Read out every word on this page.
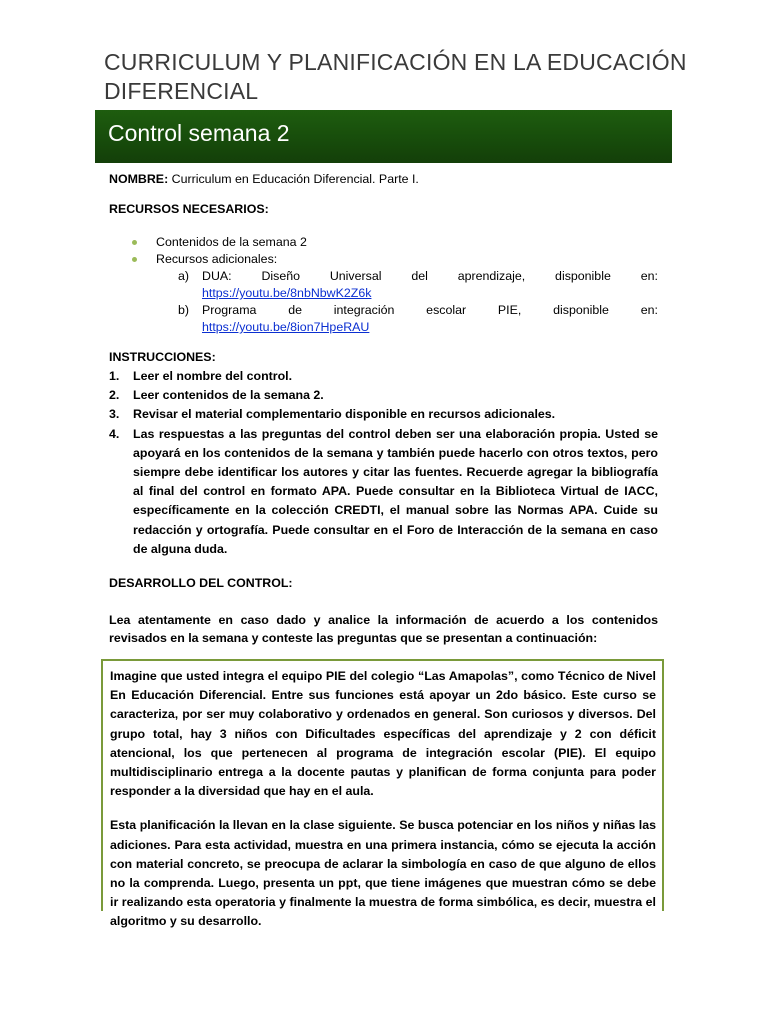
CURRICULUM Y PLANIFICACIÓN EN LA EDUCACIÓN DIFERENCIAL
Control semana 2
NOMBRE: Curriculum en Educación Diferencial. Parte I.
RECURSOS NECESARIOS:
Contenidos de la semana 2
Recursos adicionales:
a) DUA: Diseño Universal del aprendizaje, disponible en:
https://youtu.be/8nbNbwK2Z6k
b) Programa	de	integración	escolar	PIE,	disponible	en:
https://youtu.be/8ion7HpeRAU
INSTRUCCIONES:
1. Leer el nombre del control.
2. Leer contenidos de la semana 2.
3. Revisar el material complementario disponible en recursos adicionales.
4. Las respuestas a las preguntas del control deben ser una elaboración propia. Usted se apoyará en los contenidos de la semana y también puede hacerlo con otros textos, pero siempre debe identificar los autores y citar las fuentes. Recuerde agregar la bibliografía al final del control en formato APA. Puede consultar en la Biblioteca Virtual de IACC, específicamente en la colección CREDTI, el manual sobre las Normas APA. Cuide su redacción y ortografía. Puede consultar en el Foro de Interacción de la semana en caso de alguna duda.
DESARROLLO DEL CONTROL:
Lea atentamente en caso dado y analice la información de acuerdo a los contenidos revisados en la semana y conteste las preguntas que se presentan a continuación:

Imagine que usted integra el equipo PIE del colegio “Las Amapolas”, como Técnico de Nivel En Educación Diferencial. Entre sus funciones está apoyar un 2do básico. Este curso se caracteriza, por ser muy colaborativo y ordenados en general. Son curiosos y diversos. Del grupo total, hay 3 niños con Dificultades específicas del aprendizaje y 2 con déficit atencional, los que pertenecen al programa de integración escolar (PIE). El equipo multidisciplinario entrega a la docente pautas y planifican de forma conjunta para poder responder a la diversidad que hay en el aula.

Esta planificación la llevan en la clase siguiente. Se busca potenciar en los niños y niñas las adiciones. Para esta actividad, muestra en una primera instancia, cómo se ejecuta la acción con material concreto, se preocupa de aclarar la simbología en caso de que alguno de ellos no la comprenda. Luego, presenta un ppt, que tiene imágenes que muestran cómo se debe ir realizando esta operatoria y finalmente la muestra de forma simbólica, es decir, muestra el algoritmo y su desarrollo.
